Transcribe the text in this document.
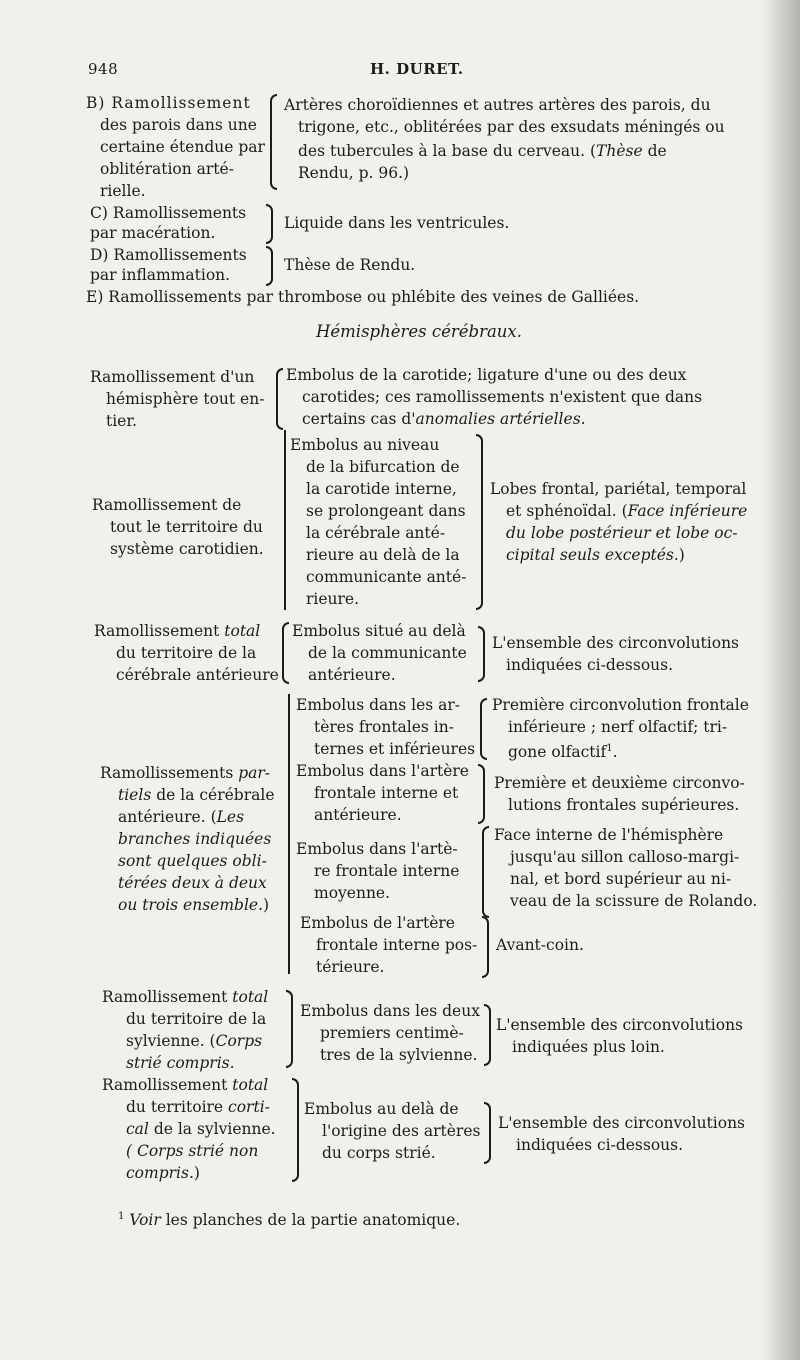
948	H. DURET.
B) Ramollissement
des parois dans une
certaine étendue par
oblitération arté-
rielle.
Artères choroïdiennes et autres artères des parois, du
trigone, etc., oblitérées par des exsudats méningés ou
des tubercules à la base du cerveau. (Thèse de
Rendu, p. 96.)
C) Ramollissements
par macération.
Liquide dans les ventricules.
D) Ramollissements
par inflammation.
Thèse de Rendu.
E) Ramollissements par thrombose ou phlébite des veines de Galliées.
Hémisphères cérébraux.
Ramollissement d'un
hémisphère tout en-
tier.
Embolus de la carotide; ligature d'une ou des deux
carotides; ces ramollissements n'existent que dans
certains cas d'anomalies artérielles.
Ramollissement de
tout le territoire du
système carotidien.
Embolus au niveau
de la bifurcation de
la carotide interne,
se prolongeant dans
la cérébrale anté-
rieure au delà de la
communicante anté-
rieure.
Lobes frontal, pariétal, temporal
et sphénoïdal. (Face inférieure
du lobe postérieur et lobe oc-
cipital seuls exceptés.)
Ramollissement total
du territoire de la
cérébrale antérieure
Embolus situé au delà
de la communicante
antérieure.
L'ensemble des circonvolutions
indiquées ci-dessous.
Ramollissements par-
tiels de la cérébrale
antérieure. (Les
branches indiquées
sont quelques obli-
térées deux à deux
ou trois ensemble.)
Embolus dans les ar-
tères frontales in-
ternes et inférieures
Première circonvolution frontale
inférieure ; nerf olfactif; tri-
gone olfactif$^1$.
Embolus dans l'artère
frontale interne et
antérieure.
Première et deuxième circonvo-
lutions frontales supérieures.
Embolus dans l'artè-
re frontale interne
moyenne.
Face interne de l'hémisphère
jusqu'au sillon calloso-margi-
nal, et bord supérieur au ni-
veau de la scissure de Rolando.
Embolus de l'artère
frontale interne pos-
térieure.
Avant-coin.
Ramollissement total
du territoire de la
sylvienne. (Corps
strié compris.
Embolus dans les deux
premiers centimè-
tres de la sylvienne.
L'ensemble des circonvolutions
indiquées plus loin.
Ramollissement total
du territoire corti-
cal de la sylvienne.
( Corps strié non
compris.)
Embolus au delà de
l'origine des artères
du corps strié.
L'ensemble des circonvolutions
indiquées ci-dessous.
$^1$ Voir les planches de la partie anatomique.
